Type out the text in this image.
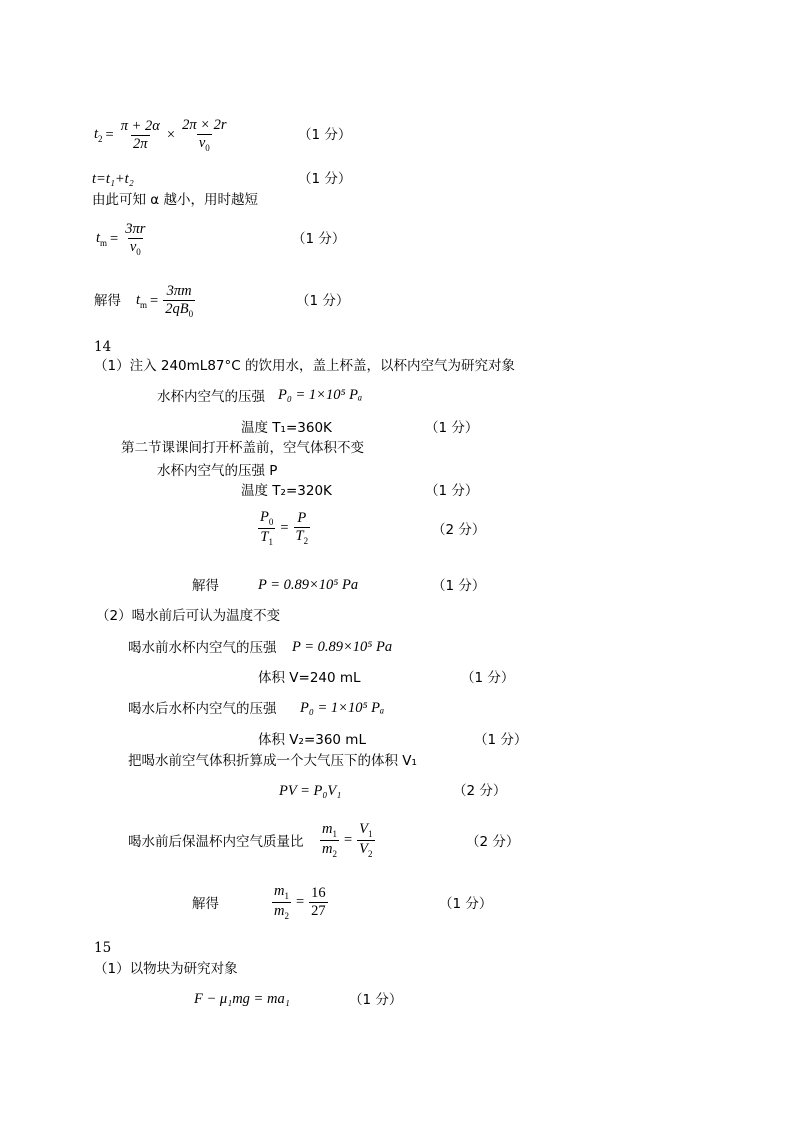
$t_2 = \frac{\pi + 2\alpha}{2\pi} \times \frac{2\pi \times 2r}{v_0}$	（1 分）
t=t₁+t₂	（1 分）
由此可知 α 越小，用时越短
$t_m = \frac{3\pi r}{v_0}$	（1 分）
解得 $t_m = \frac{3\pi m}{2qB_0}$	（1 分）
14
（1）注入 240mL87°C 的饮用水，盖上杯盖，以杯内空气为研究对象
水杯内空气的压强 P₀ = 1×10⁵ Pₐ
温度 T₁=360K	（1 分）
第二节课课间打开杯盖前，空气体积不变
水杯内空气的压强 P
温度 T₂=320K	（1 分）
$\frac{P_0}{T_1} = \frac{P}{T_2}$	（2 分）
解得	P = 0.89×10⁵ Pa	（1 分）
（2）喝水前后可认为温度不变
喝水前水杯内空气的压强 P = 0.89×10⁵ Pa
体积 V=240 mL	（1 分）
喝水后水杯内空气的压强 P₀ = 1×10⁵ Pₐ
体积 V₂=360 mL	（1 分）
把喝水前空气体积折算成一个大气压下的体积 V₁
PV = P₀V₁	（2 分）
喝水前后保温杯内空气质量比 $\frac{m_1}{m_2} = \frac{V_1}{V_2}$	（2 分）
解得	$\frac{m_1}{m_2} = \frac{16}{27}$	（1 分）
15
（1）以物块为研究对象
F − μ₁mg = ma₁	（1 分）
